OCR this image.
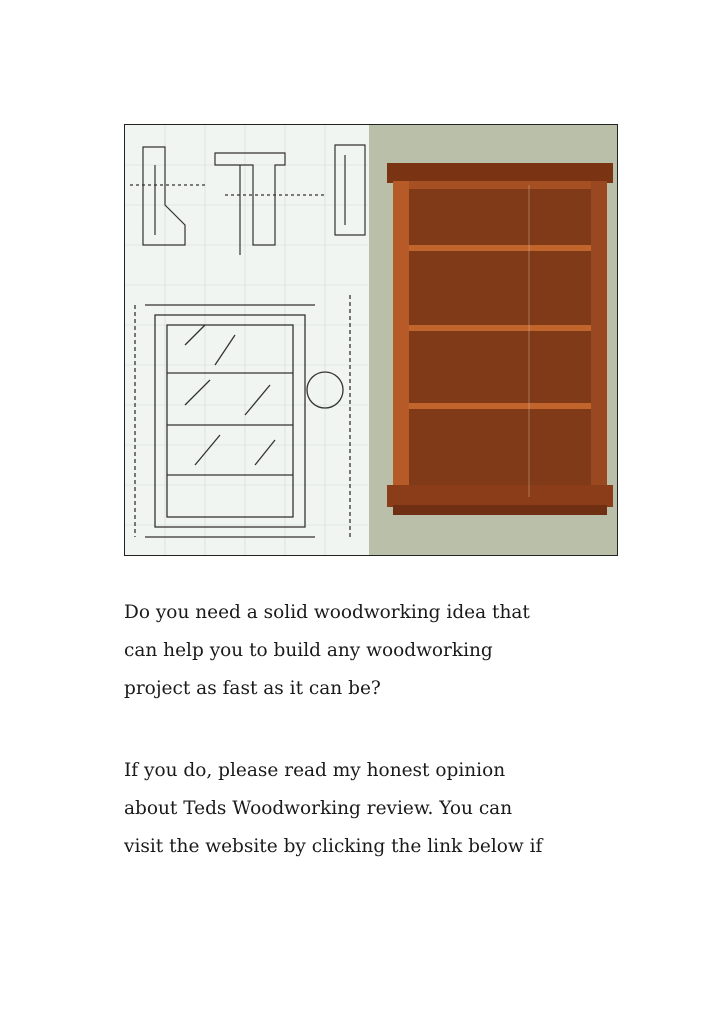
Do you need a solid woodworking idea that

can help you to build any woodworking

project as fast as it can be?

If you do, please read my honest opinion

about Teds Woodworking review. You can

visit the website by clicking the link below if
